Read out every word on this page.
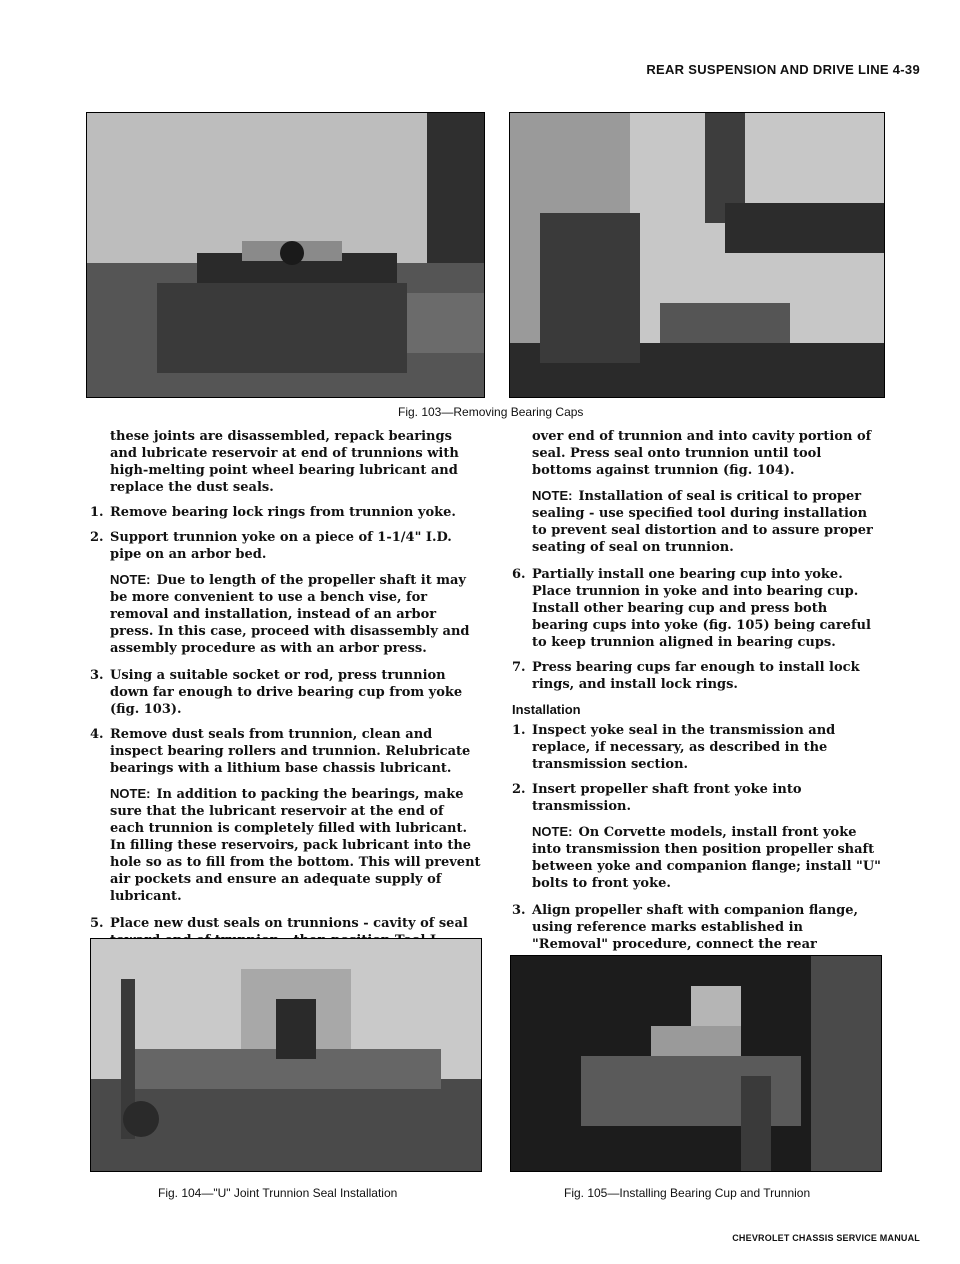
REAR SUSPENSION AND DRIVE LINE 4-39
Fig. 103—Removing Bearing Caps
these joints are disassembled, repack bearings and lubricate reservoir at end of trunnions with high-melting point wheel bearing lubricant and replace the dust seals.
1. Remove bearing lock rings from trunnion yoke.
2. Support trunnion yoke on a piece of 1-1/4" I.D. pipe on an arbor bed.
NOTE: Due to length of the propeller shaft it may be more convenient to use a bench vise, for removal and installation, instead of an arbor press. In this case, proceed with disassembly and assembly procedure as with an arbor press.
3. Using a suitable socket or rod, press trunnion down far enough to drive bearing cup from yoke (fig. 103).
4. Remove dust seals from trunnion, clean and inspect bearing rollers and trunnion. Relubricate bearings with a lithium base chassis lubricant.
NOTE: In addition to packing the bearings, make sure that the lubricant reservoir at the end of each trunnion is completely filled with lubricant. In filling these reservoirs, pack lubricant into the hole so as to fill from the bottom. This will prevent air pockets and ensure an adequate supply of lubricant.
5. Place new dust seals on trunnions - cavity of seal
over end of trunnion and into cavity portion of seal. Press seal onto trunnion until tool bottoms against trunnion (fig. 104).
NOTE: Installation of seal is critical to proper sealing - use specified tool during installation to prevent seal distortion and to assure proper seating of seal on trunnion.
6. Partially install one bearing cup into yoke. Place trunnion in yoke and into bearing cup. Install other bearing cup and press both bearing cups into yoke (fig. 105) being careful to keep trunnion aligned in bearing cups.
7. Press bearing cups far enough to install lock rings, and install lock rings.
Installation
1. Inspect yoke seal in the transmission and replace, if necessary, as described in the transmission section.
2. Insert propeller shaft front yoke into transmission.
NOTE: On Corvette models, install front yoke into transmission then position propeller shaft between yoke and companion flange; install "U" bolts to front yoke.
3. Align propeller shaft with companion flange, using reference marks established in "Removal" procedure, connect the rear
Fig. 104—"U" Joint Trunnion Seal Installation	Fig. 105—Installing Bearing Cup and Trunnion
CHEVROLET CHASSIS SERVICE MANUAL
